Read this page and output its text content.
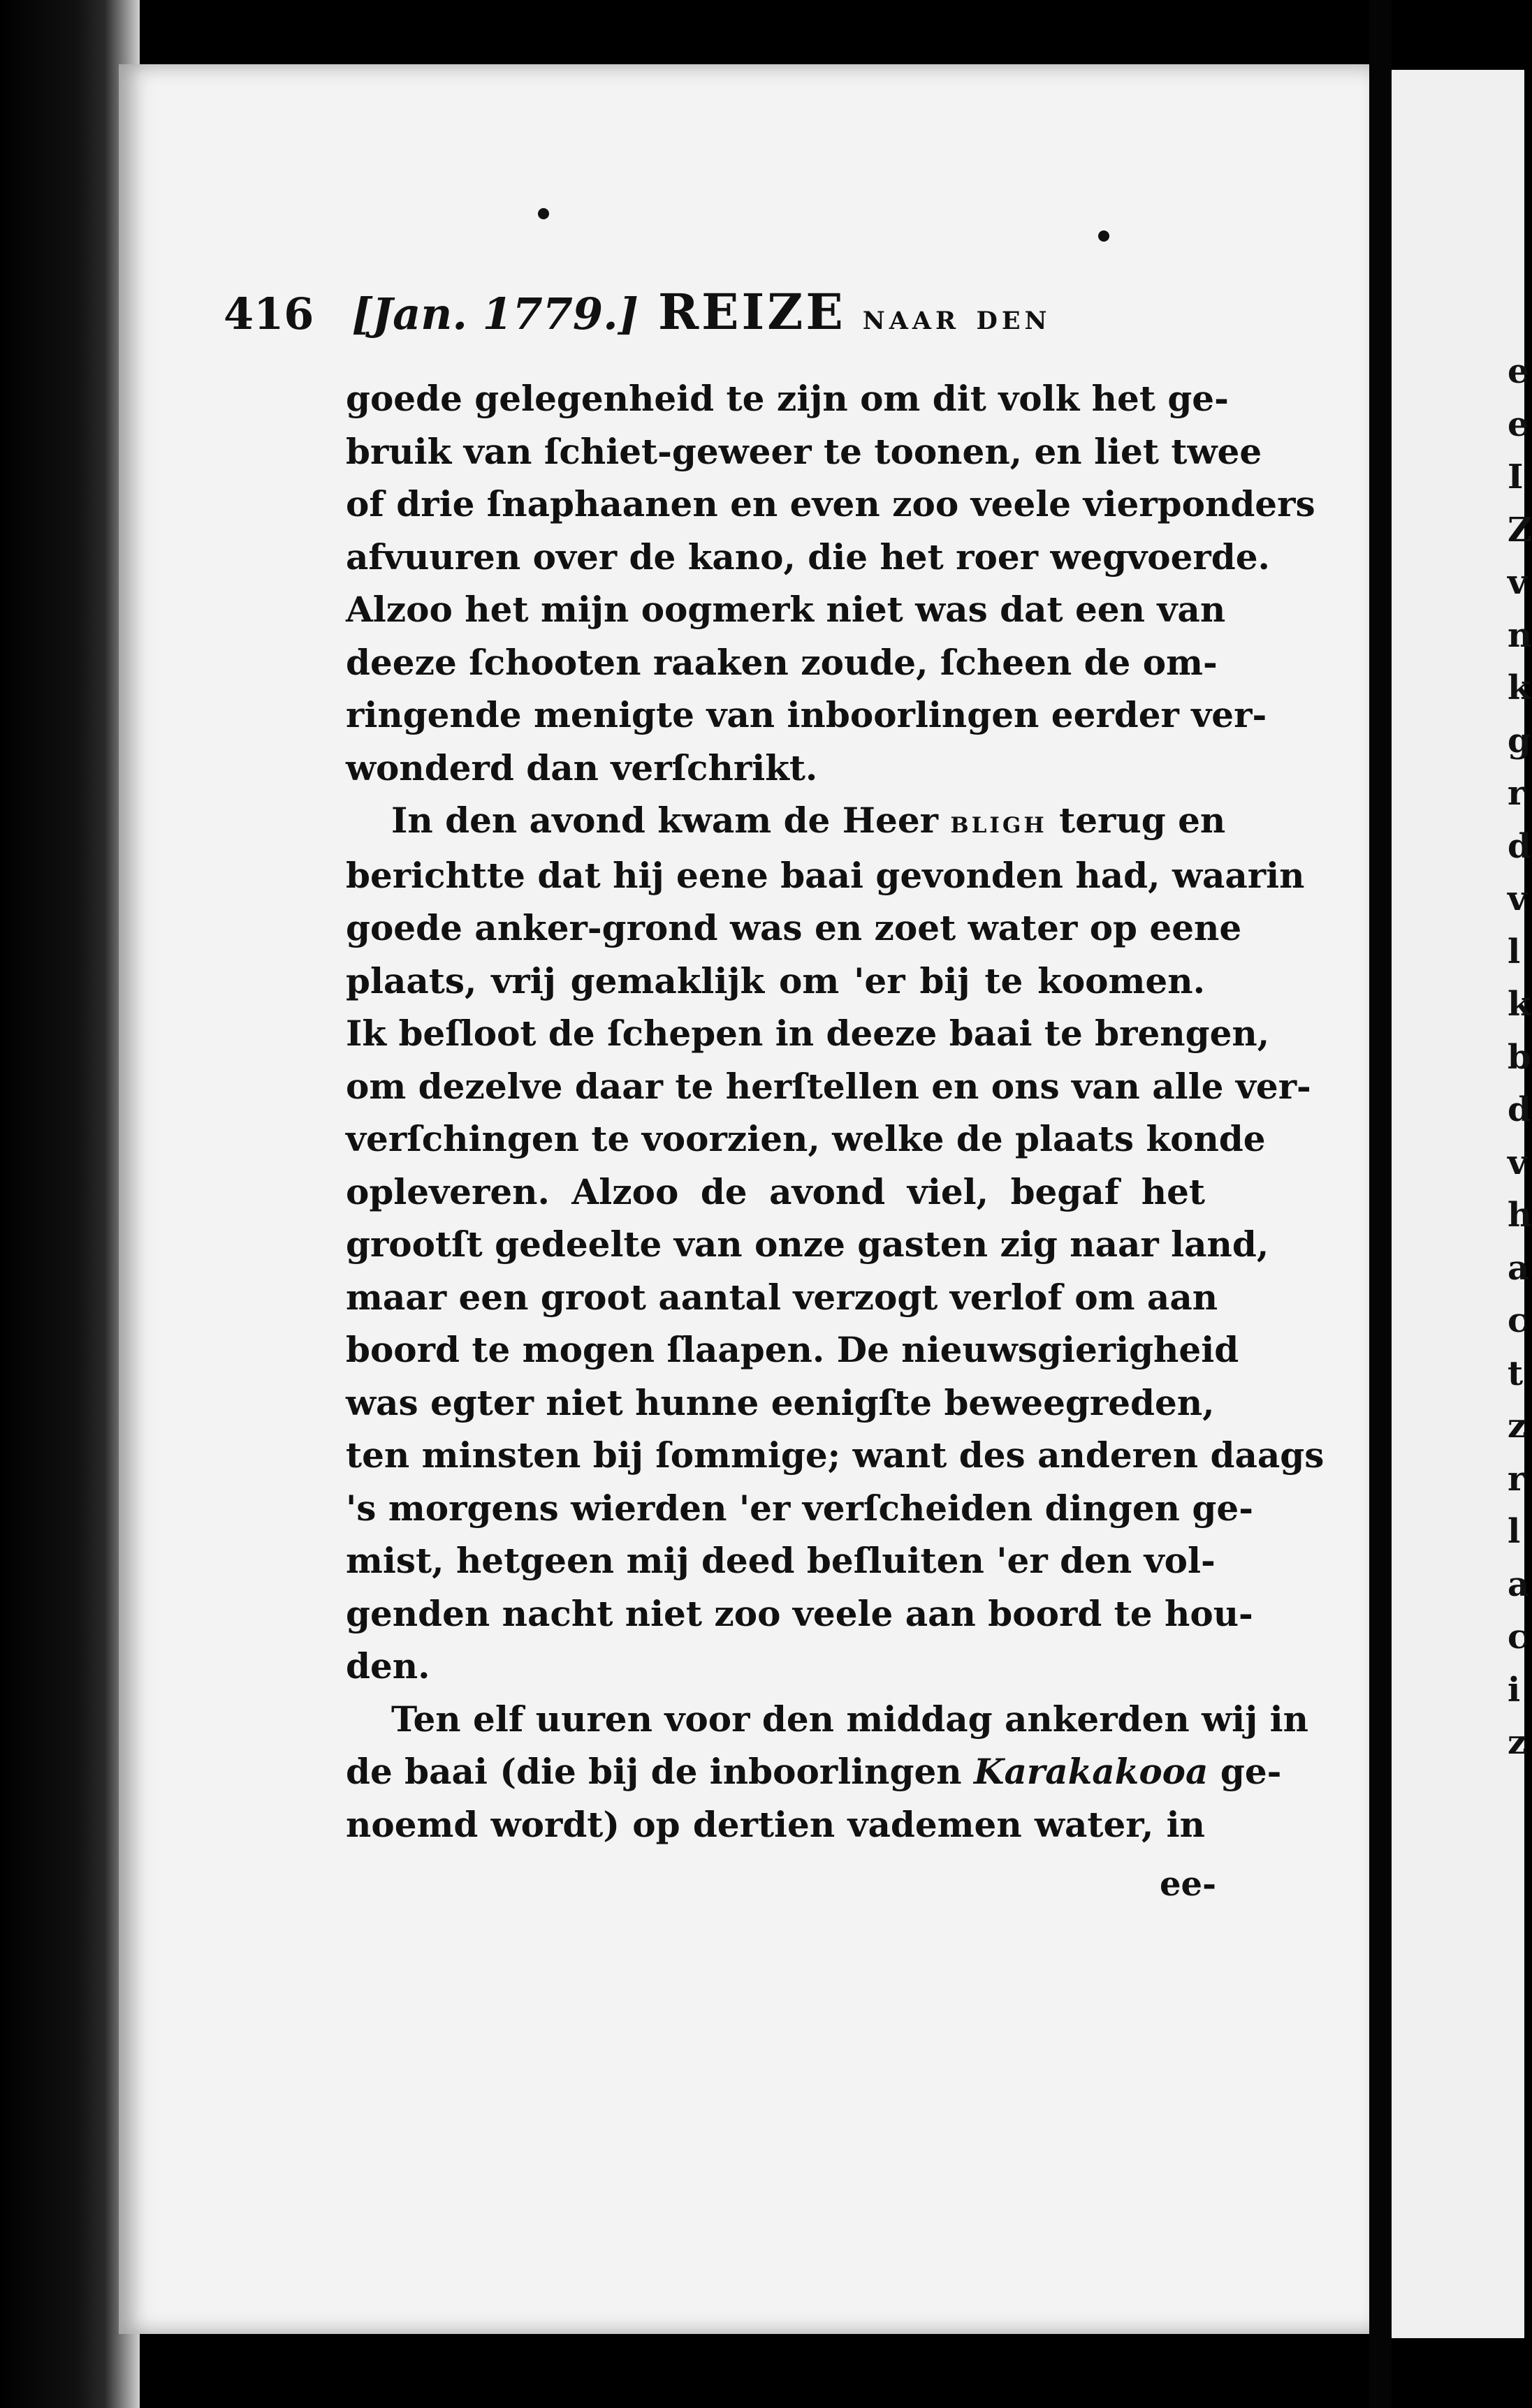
416 [Jan. 1779.] REIZE naar den
goede gelegenheid te zijn om dit volk het ge-
bruik van ſchiet-geweer te toonen, en liet twee
of drie ſnaphaanen en even zoo veele vierponders
afvuuren over de kano, die het roer wegvoerde.
Alzoo het mijn oogmerk niet was dat een van
deeze ſchooten raaken zoude, ſcheen de om-
ringende menigte van inboorlingen eerder ver-
wonderd dan verſchrikt.
In den avond kwam de Heer bligh terug en
berichtte dat hij eene baai gevonden had, waarin
goede anker-grond was en zoet water op eene
plaats, vrij gemaklijk om 'er bij te koomen.
Ik beſloot de ſchepen in deeze baai te brengen,
om dezelve daar te herſtellen en ons van alle ver-
verſchingen te voorzien, welke de plaats konde
opleveren. Alzoo de avond viel, begaf het
grootſt gedeelte van onze gasten zig naar land,
maar een groot aantal verzogt verlof om aan
boord te mogen ſlaapen. De nieuwsgierigheid
was egter niet hunne eenigſte beweegreden,
ten minsten bij ſommige; want des anderen daags
's morgens wierden 'er verſcheiden dingen ge-
mist, hetgeen mij deed beſluiten 'er den vol-
genden nacht niet zoo veele aan boord te hou-
den.
Ten elf uuren voor den middag ankerden wij in
de baai (die bij de inboorlingen Karakakooa ge-
noemd wordt) op dertien vademen water, in
ee-
e
e
I
Z
v
n
k
g
r
d
v
l
k
b
d
v
h
a
c
t
z
r
l
a
c
i
z
